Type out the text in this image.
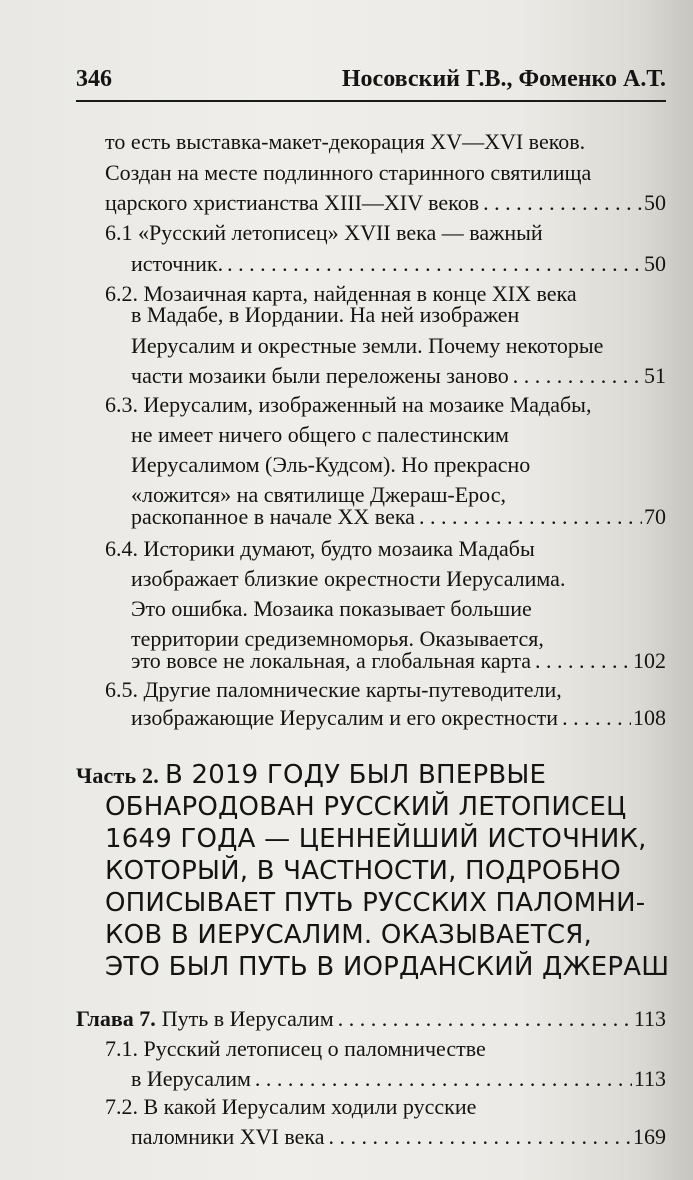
346	Носовский Г.В., Фоменко А.Т.
то есть выставка-макет-декорация XV—XVI веков.
Создан на месте подлинного старинного святилища
царского христианства XIII—XIV веков . . .	50
6.1 «Русский летописец» XVII века — важный
источник. . . .	50
6.2. Мозаичная карта, найденная в конце XIX века
в Мадабе, в Иордании. На ней изображен
Иерусалим и окрестные земли. Почему некоторые
части мозаики были переложены заново . . .	51
6.3. Иерусалим, изображенный на мозаике Мадабы,
не имеет ничего общего с палестинским
Иерусалимом (Эль-Кудсом). Но прекрасно
«ложится» на святилище Джераш-Ерос,
раскопанное в начале XX века . . .	70
6.4. Историки думают, будто мозаика Мадабы
изображает близкие окрестности Иерусалима.
Это ошибка. Мозаика показывает большие
территории средиземноморья. Оказывается,
это вовсе не локальная, а глобальная карта . . .	102
6.5. Другие паломнические карты-путеводители,
изображающие Иерусалим и его окрестности . . .	108
Часть 2. В 2019 ГОДУ БЫЛ ВПЕРВЫЕ
ОБНАРОДОВАН РУССКИЙ ЛЕТОПИСЕЦ
1649 ГОДА — ЦЕННЕЙШИЙ ИСТОЧНИК,
КОТОРЫЙ, В ЧАСТНОСТИ, ПОДРОБНО
ОПИСЫВАЕТ ПУТЬ РУССКИХ ПАЛОМНИ-
КОВ В ИЕРУСАЛИМ. ОКАЗЫВАЕТСЯ,
ЭТО БЫЛ ПУТЬ В ИОРДАНСКИЙ ДЖЕРАШ
Глава 7. Путь в Иерусалим . . .	113
7.1. Русский летописец о паломничестве
в Иерусалим . . .	113
7.2. В какой Иерусалим ходили русские
паломники XVI века . . .	169
